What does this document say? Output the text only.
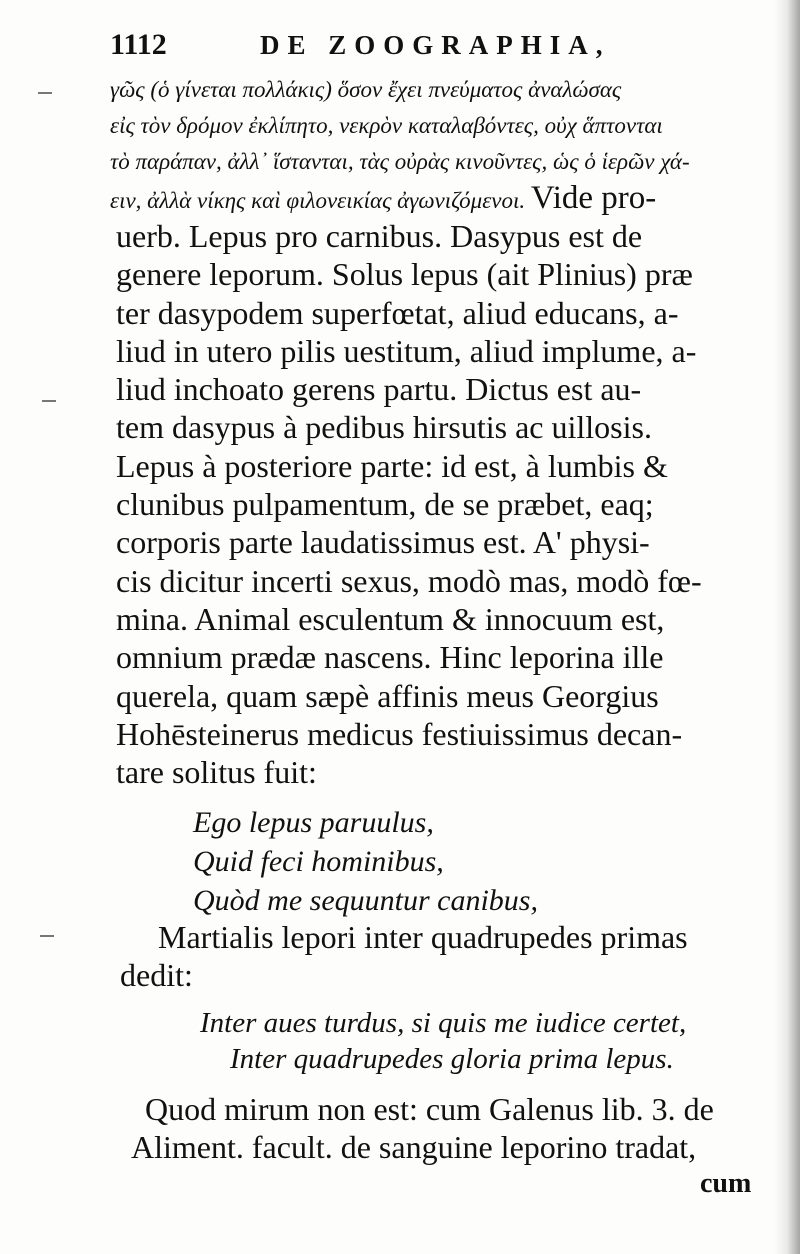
1112	DE ZOOGRAPHIA,
γῶς (ὁ γίνεται πολλάκις) ὅσον ἔχει πνεύματος ἀναλώσας
εἰς τὸν δρόμον ἐκλίπητο, νεκρὸν καταλαβόντες, οὐχ ἅπτονται
τὸ παράπαν, ἀλλ᾽ ἵστανται, τὰς οὐρὰς κινοῦντες, ὡς ὁ ἱερῶν χά-
ειν, ἀλλὰ νίκης καὶ φιλονεικίας ἀγωνιζόμενοι. Vide pro-
uerb. Lepus pro carnibus. Dasypus est de
genere leporum. Solus lepus (ait Plinius) præ
ter dasypodem superfœtat, aliud educans, a-
liud in utero pilis uestitum, aliud implume, a-
liud inchoato gerens partu. Dictus est au-
tem dasypus à pedibus hirsutis ac uillosis.
Lepus à posteriore parte: id est, à lumbis &
clunibus pulpamentum, de se præbet, eaq;
corporis parte laudatissimus est. A' physi-
cis dicitur incerti sexus, modò mas, modò fœ-
mina. Animal esculentum & innocuum est,
omnium prædæ nascens. Hinc leporina ille
querela, quam sæpè affinis meus Georgius
Hohēsteinerus medicus festiuissimus decan-
tare solitus fuit:
Ego lepus paruulus,
Quid feci hominibus,
Quòd me sequuntur canibus,
Martialis lepori inter quadrupedes primas
dedit:
Inter aues turdus, si quis me iudice certet,
Inter quadrupedes gloria prima lepus.
Quod mirum non est: cum Galenus lib. 3. de
Aliment. facult. de sanguine leporino tradat,
cum
